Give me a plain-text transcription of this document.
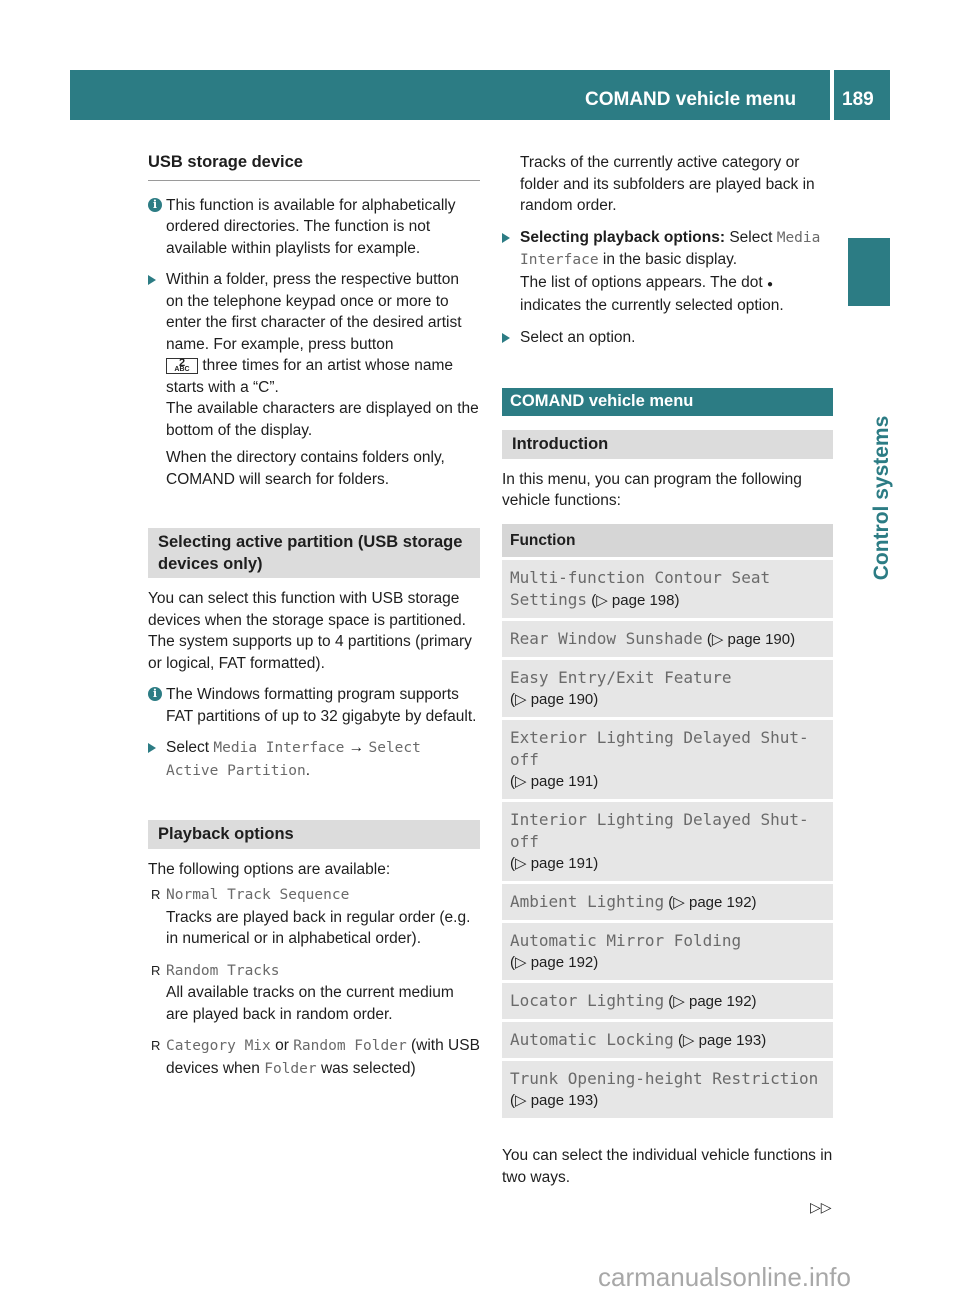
COMAND vehicle menu 189
Control systems
USB storage device
i This function is available for alphabetically ordered directories. The function is not available within playlists for example.
Within a folder, press the respective button on the telephone keypad once or more to enter the first character of the desired artist name. For example, press button

2
ABC three times for an artist whose name starts with a “C”.
The available characters are displayed on the bottom of the display.
When the directory contains folders only, COMAND will search for folders.
Selecting active partition (USB storage devices only)

You can select this function with USB storage devices when the storage space is partitioned. The system supports up to 4 partitions (primary or logical, FAT formatted).

i The Windows formatting program supports FAT partitions of up to 32 gigabyte by default.
Select Media Interface → Select Active Partition.
Playback options

The following options are available:

R Normal Track Sequence
Tracks are played back in regular order (e.g. in numerical or in alphabetical order).
R Random Tracks
All available tracks on the current medium are played back in random order.
R Category Mix or Random Folder (with USB devices when Folder was selected)

Tracks of the currently active category or folder and its subfolders are played back in random order.

Selecting playback options: Select Media Interface in the basic display.
The list of options appears. The dot ●
indicates the currently selected option.
Select an option.
COMAND vehicle menu
Introduction

In this menu, you can program the following vehicle functions:

Function
Multi-function Contour Seat Settings (▷ page 198)
Rear Window Sunshade (▷ page 190)
Easy Entry/Exit Feature
(▷ page 190)
Exterior Lighting Delayed Shut-off
(▷ page 191)
Interior Lighting Delayed Shut-off
(▷ page 191)
Ambient Lighting (▷ page 192)
Automatic Mirror Folding
(▷ page 192)
Locator Lighting (▷ page 192)
Automatic Locking (▷ page 193)
Trunk Opening-height Restriction
(▷ page 193)

You can select the individual vehicle functions in two ways.

▷▷
carmanualsonline.info
